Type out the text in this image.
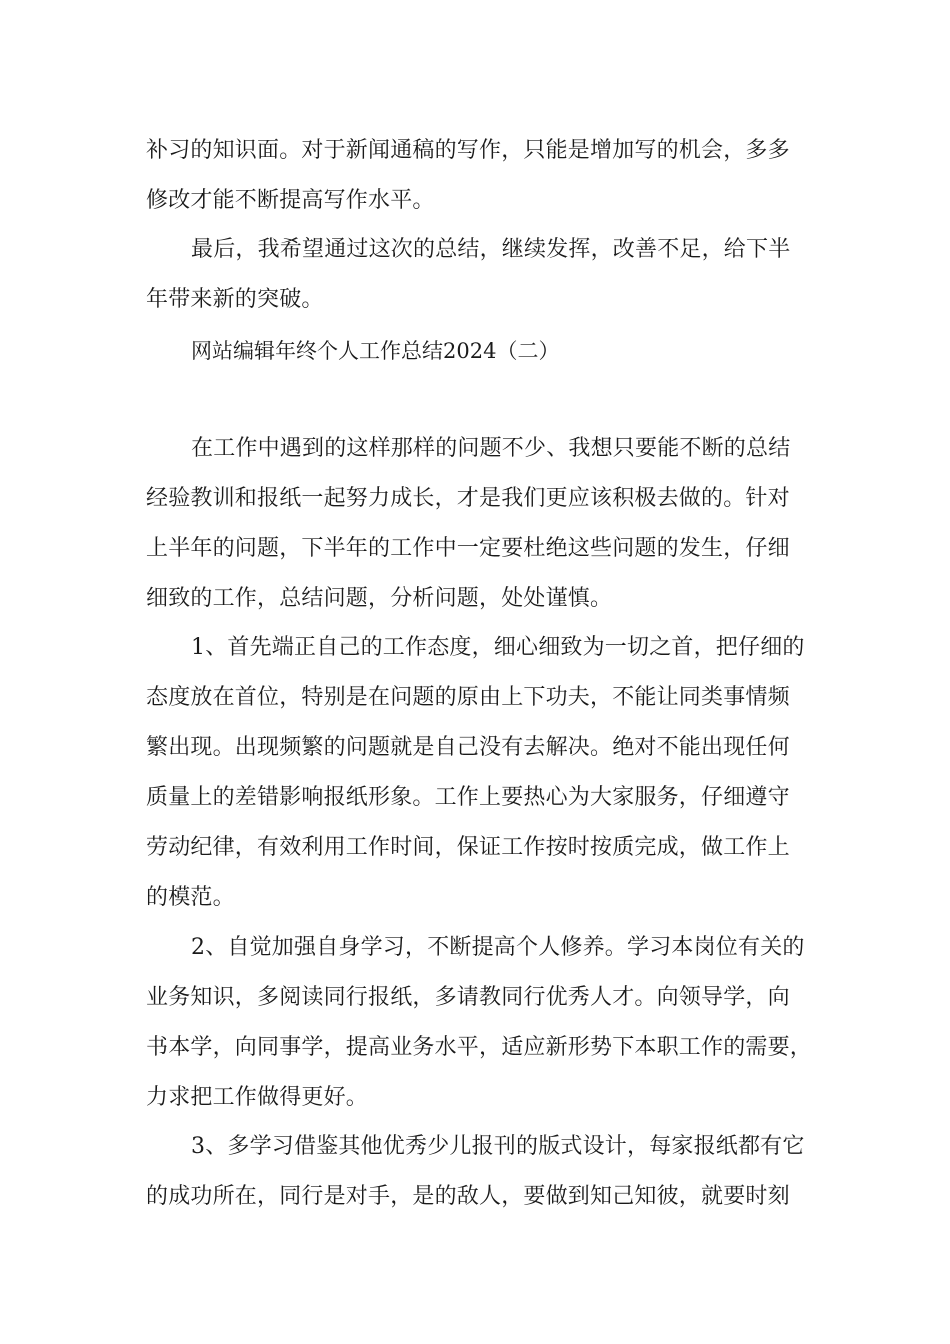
补习的知识面。对于新闻通稿的写作，只能是增加写的机会，多多
修改才能不断提高写作水平。
最后，我希望通过这次的总结，继续发挥，改善不足，给下半
年带来新的突破。
网站编辑年终个人工作总结2024（二）
在工作中遇到的这样那样的问题不少、我想只要能不断的总结
经验教训和报纸一起努力成长，才是我们更应该积极去做的。针对
上半年的问题，下半年的工作中一定要杜绝这些问题的发生，仔细
细致的工作，总结问题，分析问题，处处谨慎。
1、首先端正自己的工作态度，细心细致为一切之首，把仔细的
态度放在首位，特别是在问题的原由上下功夫，不能让同类事情频
繁出现。出现频繁的问题就是自己没有去解决。绝对不能出现任何
质量上的差错影响报纸形象。工作上要热心为大家服务，仔细遵守
劳动纪律，有效利用工作时间，保证工作按时按质完成，做工作上
的模范。
2、自觉加强自身学习，不断提高个人修养。学习本岗位有关的
业务知识，多阅读同行报纸，多请教同行优秀人才。向领导学，向
书本学，向同事学，提高业务水平，适应新形势下本职工作的需要，
力求把工作做得更好。
3、多学习借鉴其他优秀少儿报刊的版式设计，每家报纸都有它
的成功所在，同行是对手，是的敌人，要做到知己知彼，就要时刻
